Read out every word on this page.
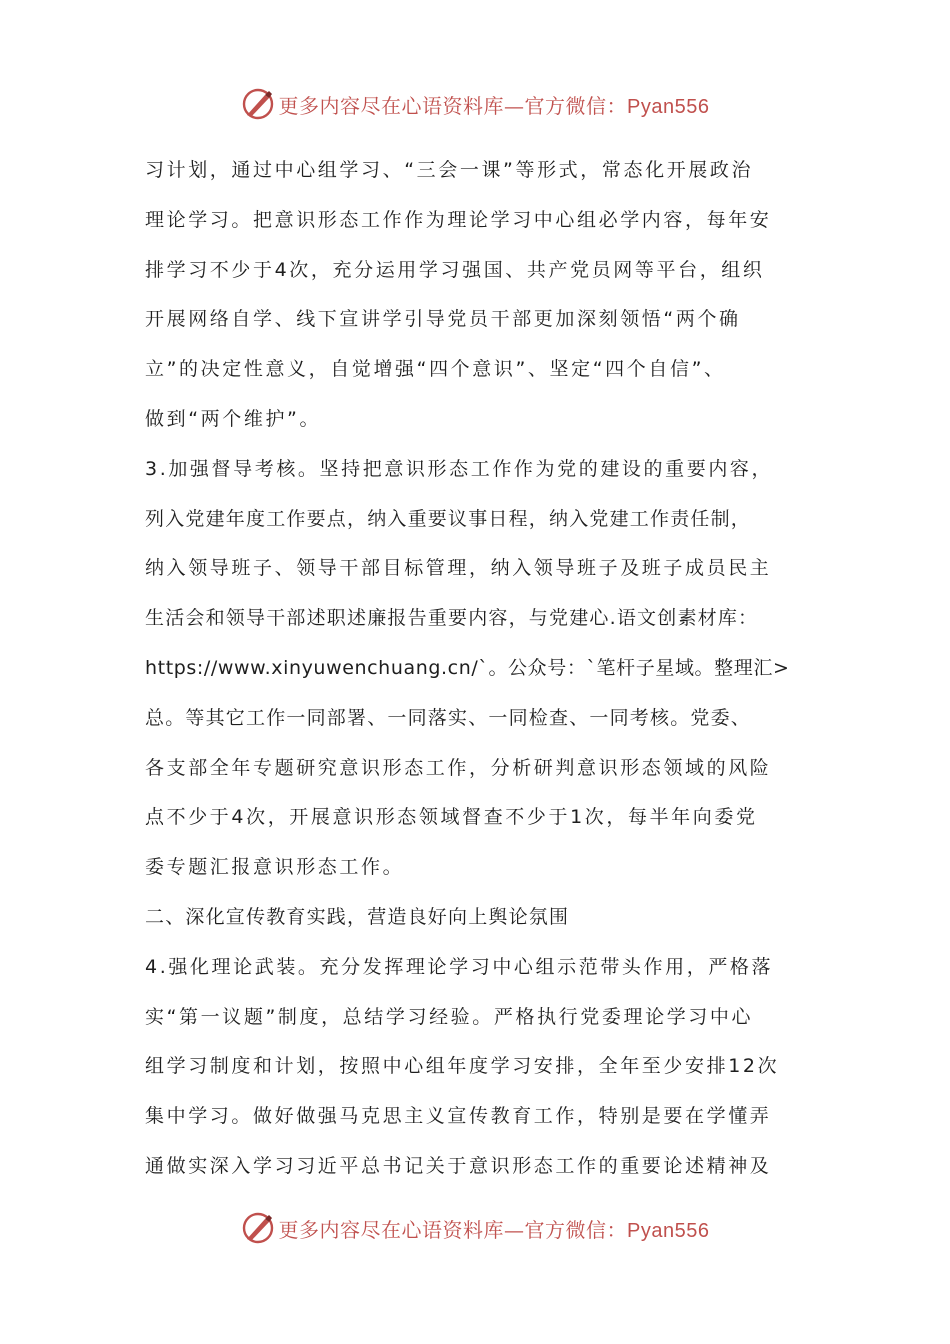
更多内容尽在心语资料库—官方微信：Pyan556
习计划，通过中心组学习、“三会一课”等形式，常态化开展政治
理论学习。把意识形态工作作为理论学习中心组必学内容，每年安
排学习不少于4次，充分运用学习强国、共产党员网等平台，组织
开展网络自学、线下宣讲学引导党员干部更加深刻领悟“两个确
立”的决定性意义，自觉增强“四个意识”、坚定“四个自信”、
做到“两个维护”。
3.加强督导考核。坚持把意识形态工作作为党的建设的重要内容，
列入党建年度工作要点，纳入重要议事日程，纳入党建工作责任制，
纳入领导班子、领导干部目标管理，纳入领导班子及班子成员民主
生活会和领导干部述职述廉报告重要内容，与党建心.语文创素材库：
https://www.xinyuwenchuang.cn/`。公众号：`笔杆子星域。整理汇>
总。等其它工作一同部署、一同落实、一同检查、一同考核。党委、
各支部全年专题研究意识形态工作，分析研判意识形态领域的风险
点不少于4次，开展意识形态领域督查不少于1次，每半年向委党
委专题汇报意识形态工作。
二、深化宣传教育实践，营造良好向上舆论氛围
4.强化理论武装。充分发挥理论学习中心组示范带头作用，严格落
实“第一议题”制度，总结学习经验。严格执行党委理论学习中心
组学习制度和计划，按照中心组年度学习安排，全年至少安排12次
集中学习。做好做强马克思主义宣传教育工作，特别是要在学懂弄
通做实深入学习习近平总书记关于意识形态工作的重要论述精神及
更多内容尽在心语资料库—官方微信：Pyan556
